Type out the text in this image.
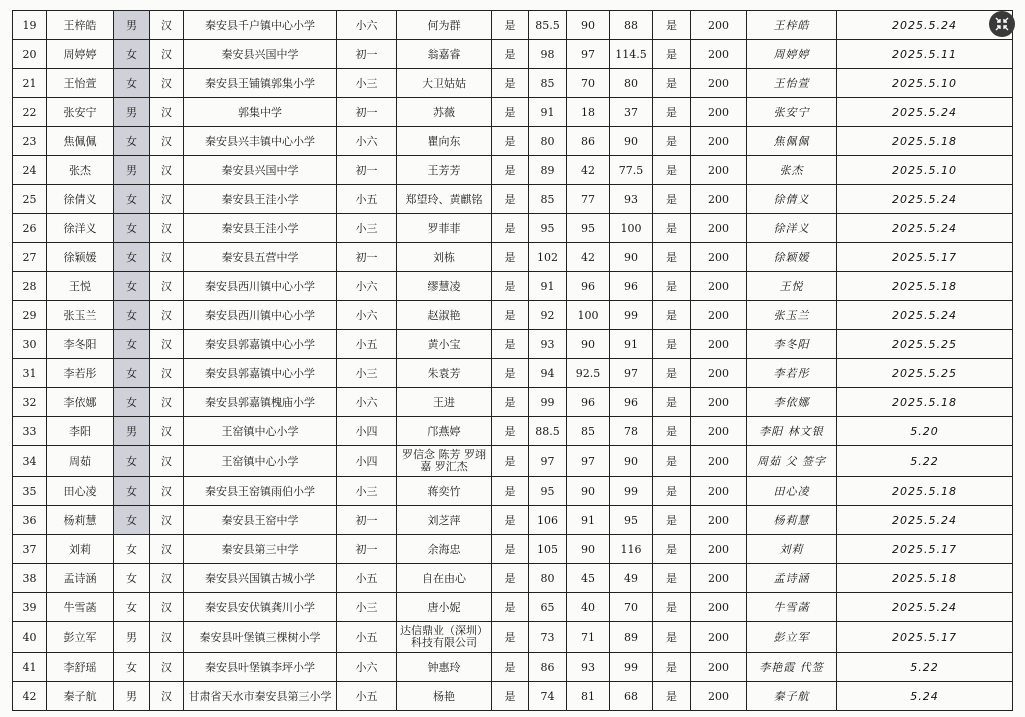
19	王梓皓	男	汉	秦安县千户镇中心小学	小六	何为群	是	85.5	90	88	是	200	王梓皓	2025.5.24
20	周婷婷	女	汉	秦安县兴国中学	初一	翁嘉睿	是	98	97	114.5	是	200	周婷婷	2025.5.11
21	王怡萱	女	汉	秦安县王铺镇郭集小学	小三	大卫姑姑	是	85	70	80	是	200	王怡萱	2025.5.10
22	张安宁	男	汉	郭集中学	初一	苏薇	是	91	18	37	是	200	张安宁	2025.5.24
23	焦佩佩	女	汉	秦安县兴丰镇中心小学	小六	瞿向东	是	80	86	90	是	200	焦佩佩	2025.5.18
24	张杰	男	汉	秦安县兴国中学	初一	王芳芳	是	89	42	77.5	是	200	张杰	2025.5.10
25	徐倩义	女	汉	秦安县王洼小学	小五	郑望玲、黄麒铭	是	85	77	93	是	200	徐倩义	2025.5.24
26	徐洋义	女	汉	秦安县王洼小学	小三	罗菲菲	是	95	95	100	是	200	徐洋义	2025.5.24
27	徐颖媛	女	汉	秦安县五营中学	初一	刘栋	是	102	42	90	是	200	徐颖媛	2025.5.17
28	王悦	女	汉	秦安县西川镇中心小学	小六	缪慧凌	是	91	96	96	是	200	王悦	2025.5.18
29	张玉兰	女	汉	秦安县西川镇中心小学	小六	赵淑艳	是	92	100	99	是	200	张玉兰	2025.5.24
30	李冬阳	女	汉	秦安县郭嘉镇中心小学	小五	黄小宝	是	93	90	91	是	200	李冬阳	2025.5.25
31	李若彤	女	汉	秦安县郭嘉镇中心小学	小三	朱袁芳	是	94	92.5	97	是	200	李若彤	2025.5.25
32	李依娜	女	汉	秦安县郭嘉镇槐庙小学	小六	王进	是	99	96	96	是	200	李依娜	2025.5.18
33	李阳	男	汉	王窑镇中心小学	小四	邝燕婷	是	88.5	85	78	是	200	李阳 林文银	5.20
34	周茹	女	汉	王窑镇中心小学	小四	罗信念 陈芳 罗翊嘉 罗汇杰	是	97	97	90	是	200	周茹 父 签字	5.22
35	田心凌	女	汉	秦安县王窑镇雨伯小学	小三	蒋奕竹	是	95	90	99	是	200	田心凌	2025.5.18
36	杨莉慧	女	汉	秦安县王窑中学	初一	刘芝萍	是	106	91	95	是	200	杨莉慧	2025.5.24
37	刘莉	女	汉	秦安县第三中学	初一	余海忠	是	105	90	116	是	200	刘莉	2025.5.17
38	孟诗涵	女	汉	秦安县兴国镇古城小学	小五	自在由心	是	80	45	49	是	200	孟诗涵	2025.5.18
39	牛雪菡	女	汉	秦安县安伏镇龚川小学	小三	唐小妮	是	65	40	70	是	200	牛雪菡	2025.5.24
40	彭立军	男	汉	秦安县叶堡镇三棵树小学	小五	达信鼎业（深圳）科技有限公司	是	73	71	89	是	200	彭立军	2025.5.17
41	李舒瑶	女	汉	秦安县叶堡镇李坪小学	小六	钟惠玲	是	86	93	99	是	200	李艳霞 代签	5.22
42	秦子航	男	汉	甘肃省天水市秦安县第三小学	小五	杨艳	是	74	81	68	是	200	秦子航	5.24
